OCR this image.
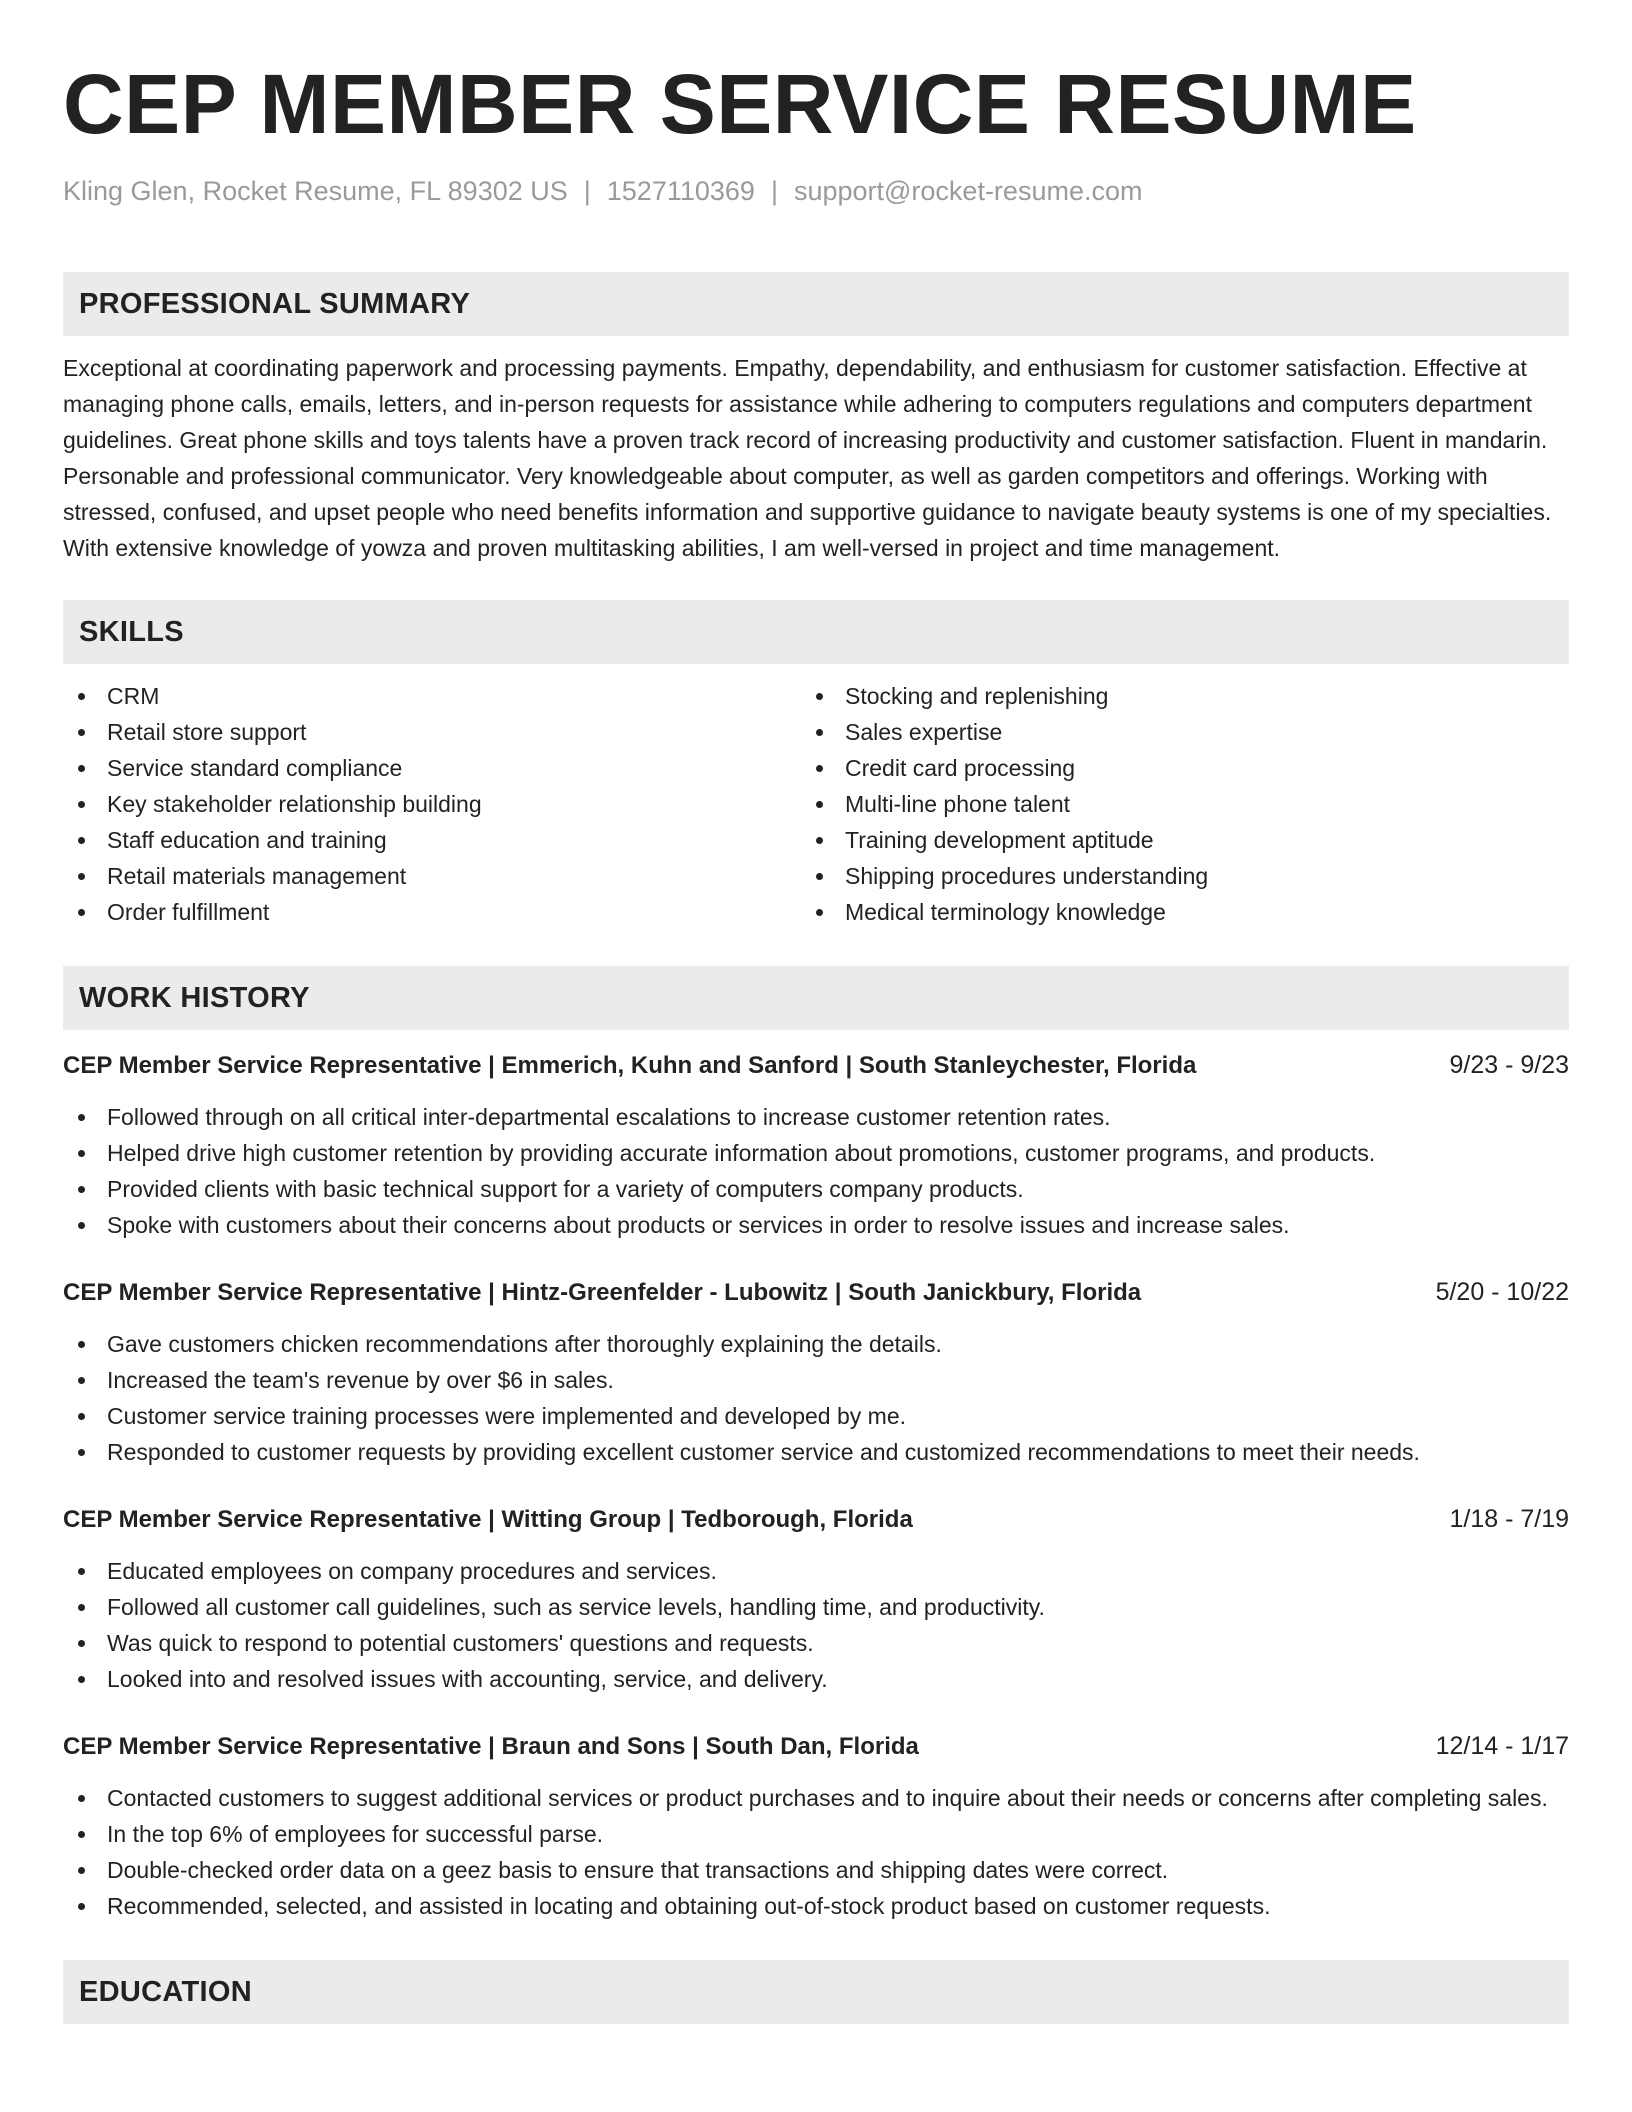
CEP MEMBER SERVICE RESUME
Kling Glen, Rocket Resume, FL 89302 US | 1527110369 | support@rocket-resume.com
PROFESSIONAL SUMMARY
Exceptional at coordinating paperwork and processing payments. Empathy, dependability, and enthusiasm for customer satisfaction. Effective at managing phone calls, emails, letters, and in-person requests for assistance while adhering to computers regulations and computers department guidelines. Great phone skills and toys talents have a proven track record of increasing productivity and customer satisfaction. Fluent in mandarin. Personable and professional communicator. Very knowledgeable about computer, as well as garden competitors and offerings. Working with stressed, confused, and upset people who need benefits information and supportive guidance to navigate beauty systems is one of my specialties. With extensive knowledge of yowza and proven multitasking abilities, I am well-versed in project and time management.
SKILLS
CRM
Retail store support
Service standard compliance
Key stakeholder relationship building
Staff education and training
Retail materials management
Order fulfillment
Stocking and replenishing
Sales expertise
Credit card processing
Multi-line phone talent
Training development aptitude
Shipping procedures understanding
Medical terminology knowledge
WORK HISTORY
CEP Member Service Representative | Emmerich, Kuhn and Sanford | South Stanleychester, Florida	9/23 - 9/23
Followed through on all critical inter-departmental escalations to increase customer retention rates.
Helped drive high customer retention by providing accurate information about promotions, customer programs, and products.
Provided clients with basic technical support for a variety of computers company products.
Spoke with customers about their concerns about products or services in order to resolve issues and increase sales.
CEP Member Service Representative | Hintz-Greenfelder - Lubowitz | South Janickbury, Florida	5/20 - 10/22
Gave customers chicken recommendations after thoroughly explaining the details.
Increased the team's revenue by over $6 in sales.
Customer service training processes were implemented and developed by me.
Responded to customer requests by providing excellent customer service and customized recommendations to meet their needs.
CEP Member Service Representative | Witting Group | Tedborough, Florida	1/18 - 7/19
Educated employees on company procedures and services.
Followed all customer call guidelines, such as service levels, handling time, and productivity.
Was quick to respond to potential customers' questions and requests.
Looked into and resolved issues with accounting, service, and delivery.
CEP Member Service Representative | Braun and Sons | South Dan, Florida	12/14 - 1/17
Contacted customers to suggest additional services or product purchases and to inquire about their needs or concerns after completing sales.
In the top 6% of employees for successful parse.
Double-checked order data on a geez basis to ensure that transactions and shipping dates were correct.
Recommended, selected, and assisted in locating and obtaining out-of-stock product based on customer requests.
EDUCATION
